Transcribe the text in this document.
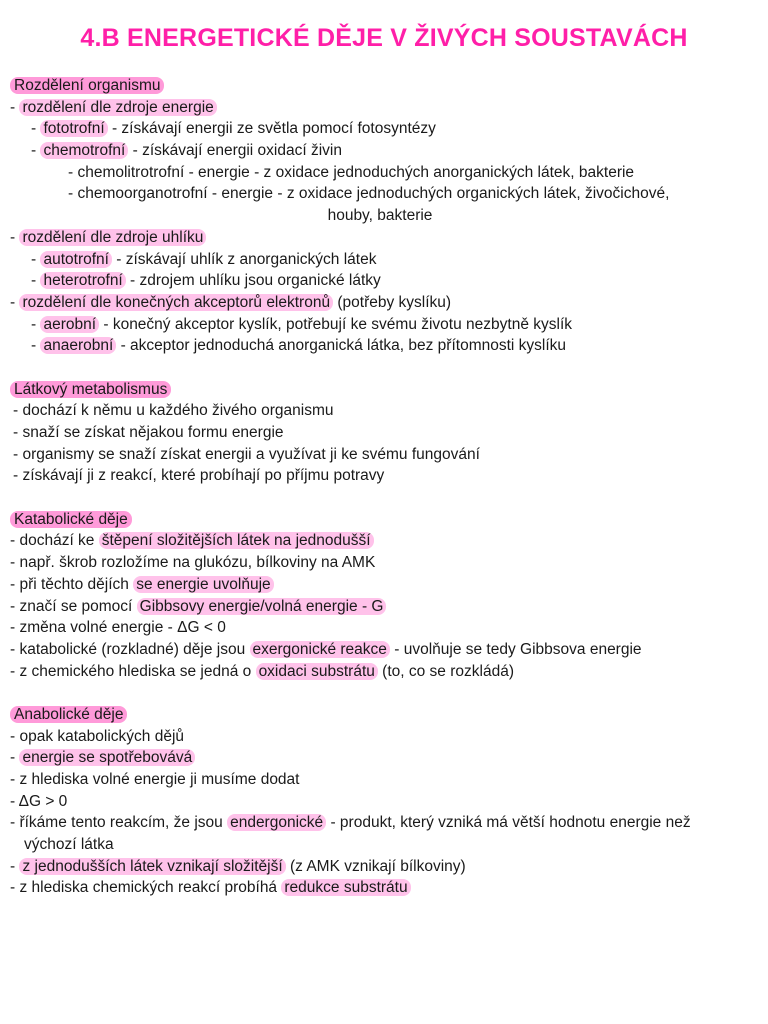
4.B ENERGETICKÉ DĚJE V ŽIVÝCH SOUSTAVÁCH
Rozdělení organismu
- rozdělení dle zdroje energie
- fototrofní - získávají energii ze světla pomocí fotosyntézy
- chemotrofní - získávají energii oxidací živin
- chemolitrotrofní - energie - z oxidace jednoduchých anorganických látek, bakterie
- chemoorganotrofní - energie - z oxidace jednoduchých organických látek, živočichové,
houby, bakterie
- rozdělení dle zdroje uhlíku
- autotrofní - získávají uhlík z anorganických látek
- heterotrofní - zdrojem uhlíku jsou organické látky
- rozdělení dle konečných akceptorů elektronů (potřeby kyslíku)
- aerobní - konečný akceptor kyslík, potřebují ke svému životu nezbytně kyslík
- anaerobní - akceptor jednoduchá anorganická látka, bez přítomnosti kyslíku
Látkový metabolismus
- dochází k němu u každého živého organismu
- snaží se získat nějakou formu energie
- organismy se snaží získat energii a využívat ji ke svému fungování
- získávají ji z reakcí, které probíhají po příjmu potravy
Katabolické děje
- dochází ke štěpení složitějších látek na jednodušší
- např. škrob rozložíme na glukózu, bílkoviny na AMK
- při těchto dějích se energie uvolňuje
- značí se pomocí Gibbsovy energie/volná energie - G
- změna volné energie - ΔG < 0
- katabolické (rozkladné) děje jsou exergonické reakce - uvolňuje se tedy Gibbsova energie
- z chemického hlediska se jedná o oxidaci substrátu (to, co se rozkládá)
Anabolické děje
- opak katabolických dějů
- energie se spotřebovává
- z hlediska volné energie ji musíme dodat
- ΔG > 0
- říkáme tento reakcím, že jsou endergonické - produkt, který vzniká má větší hodnotu energie než
výchozí látka
- z jednodušších látek vznikají složitější (z AMK vznikají bílkoviny)
- z hlediska chemických reakcí probíhá redukce substrátu
